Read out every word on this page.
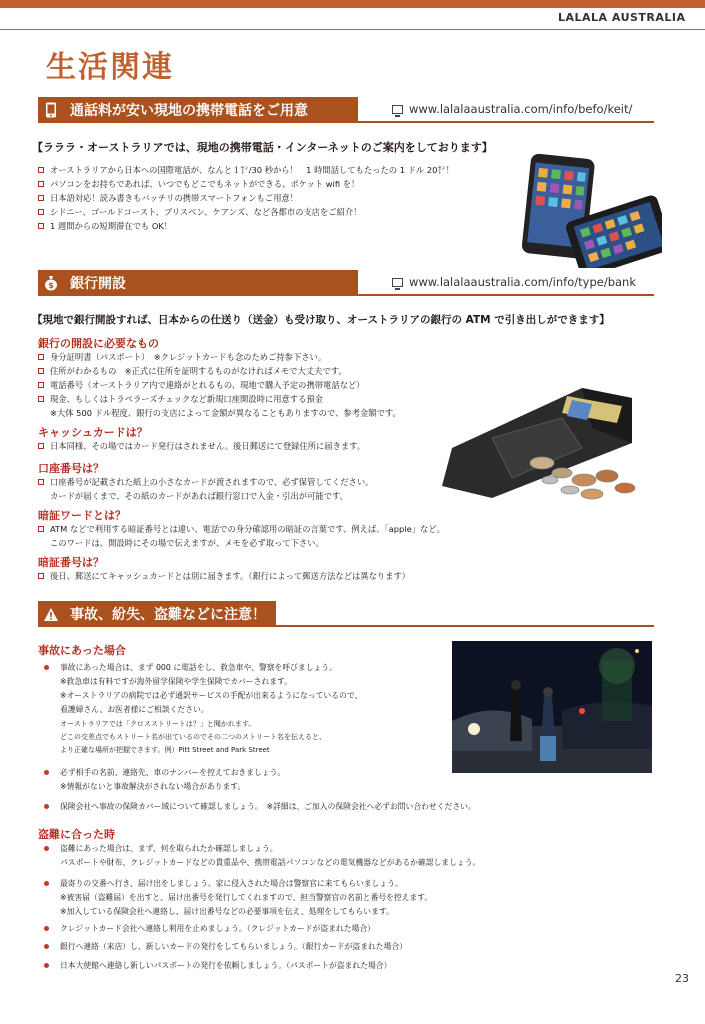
LALALA AUSTRALIA
生活関連
通話料が安い現地の携帯電話をご用意	www.lalalaaustralia.com/info/befo/keit/
【ラララ・オーストラリアでは、現地の携帯電話・インターネットのご案内をしております】
オーストラリアから日本への国際電話が、なんと１㌣/30 秒から！　1 時間話してもたったの 1 ドル 20㌣！
パソコンをお持ちであれば、いつでもどこでもネットができる、ポケット wifi を！
日本語対応！読み書きもバッチリの携帯スマートフォンもご用意！
シドニー、ゴールドコースト、ブリスベン、ケアンズ、など各都市の支店をご紹介！
1 週間からの短期滞在でも OK！
$ 銀行開設	www.lalalaaustralia.com/info/type/bank
【現地で銀行開設すれば、日本からの仕送り（送金）も受け取り、オーストラリアの銀行の ATM で引き出しができます】
銀行の開設に必要なもの
身分証明書（パスポート）　※クレジットカードも念のためご持参下さい。
住所がわかるもの　※正式に住所を証明するものがなければメモで大丈夫です。
電話番号（オーストラリア内で連絡がとれるもの、現地で購入予定の携帯電話など）
現金、もしくはトラベラーズチェックなど新規口座開設時に用意する預金
※大体 500 ドル程度、銀行の支店によって金額が異なることもありますので、参考金額です。
キャッシュカードは？
日本同様、その場ではカード発行はされません。後日郵送にて登録住所に届きます。
口座番号は？
口座番号が記載された紙上の小さなカードが渡されますので、必ず保管してください。
カードが届くまで、その紙のカードがあれば銀行窓口で入金・引出が可能です。
暗証ワードとは？
ATM などで利用する暗証番号とは違い、電話での身分確認用の暗証の言葉です、例えば、「apple」など。
このワードは、開設時にその場で伝えますが、メモを必ず取って下さい。
暗証番号は？
後日、郵送にてキャッシュカードとは別に届きます。（銀行によって郵送方法などは異なります）
事故、紛失、盗難などに注意！
事故にあった場合
事故にあった場合は、まず 000 に電話をし、救急車や、警察を呼びましょう。
※救急車は有料ですが海外留学保険や学生保険でカバーされます。
※オーストラリアの病院では必ず通訳サービスの手配が出来るようになっているので、
看護婦さん、お医者様にご相談ください。
オーストラリアでは「クロスストリートは？」と聞かれます。
どこの交差点でもストリート名が出ているのでその二つのストリート名を伝えると、
より正確な場所が把握できます。例）Pitt Street and Park Street
必ず相手の名前、連絡先、車のナンバーを控えておきましょう。
※情報がないと事故解決がされない場合があります。
保険会社へ事故の保険カバー域について確認しましょう。　※詳細は、ご加入の保険会社へ必ずお問い合わせください。
盗難に合った時
盗難にあった場合は、まず、何を取られたか確認しましょう。
パスポートや財布、クレジットカードなどの貴重品や、携帯電話パソコンなどの電気機器などがあるか確認しましょう。
最寄りの交番へ行き、届け出をしましょう。家に侵入された場合は警察官に来てもらいましょう。
※被害届（盗難届）を出すと、届け出番号を発行してくれますので、担当警察官の名前と番号を控えます。
※加入している保険会社へ連絡し、届け出番号などの必要事項を伝え、処理をしてもらいます。
クレジットカード会社へ連絡し利用を止めましょう。（クレジットカードが盗まれた場合）
銀行へ連絡（来店）し、新しいカードの発行をしてもらいましょう。（銀行カードが盗まれた場合）
日本大使館へ連絡し新しいパスポートの発行を依頼しましょう。（パスポートが盗まれた場合）
23
